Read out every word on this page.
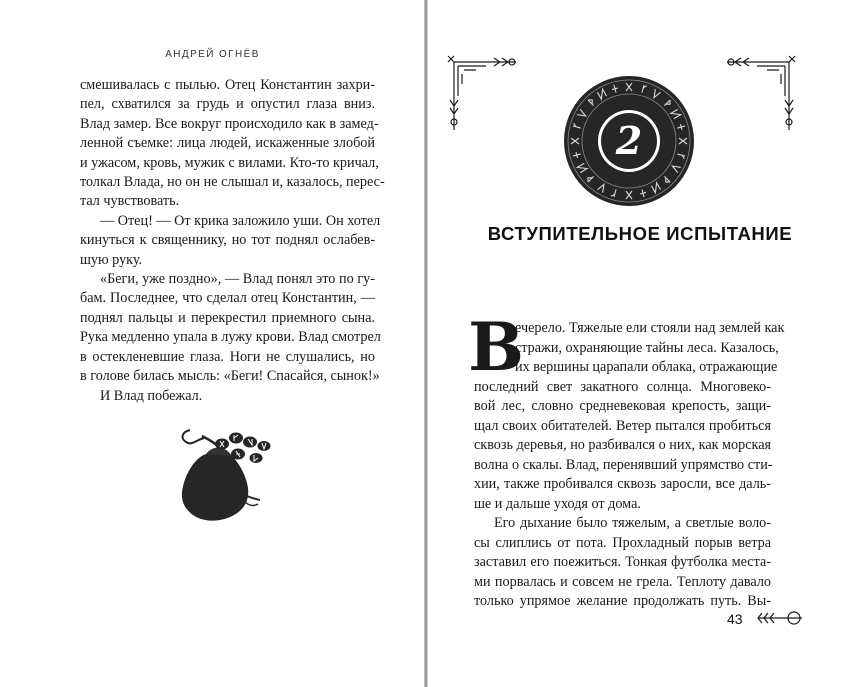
АНДРЕЙ ОГНЁВ
смешивалась с пылью. Отец Константин захри-
пел, схватился за грудь и опустил глаза вниз.
Влад замер. Все вокруг происходило как в замед-
ленной съемке: лица людей, искаженные злобой
и ужасом, кровь, мужик с вилами. Кто-то кричал,
толкал Влада, но он не слышал и, казалось, перес-
тал чувствовать.
— Отец! — От крика заложило уши. Он хотел
кинуться к священнику, но тот поднял ослабев-
шую руку.
«Беги, уже поздно», — Влад понял это по гу-
бам. Последнее, что сделал отец Константин, —
поднял пальцы и перекрестил приемного сына.
Рука медленно упала в лужу крови. Влад смотрел
в остекленевшие глаза. Ноги не слушались, но
в голове билась мысль: «Беги! Спасайся, сынок!»
И Влад побежал.
2
ВСТУПИТЕЛЬНОЕ ИСПЫТАНИЕ
В
ечерело. Тяжелые ели стояли над землей как
стражи, охраняющие тайны леса. Казалось,
их вершины царапали облака, отражающие
последний свет закатного солнца. Многовеко-
вой лес, словно средневековая крепость, защи-
щал своих обитателей. Ветер пытался пробиться
сквозь деревья, но разбивался о них, как морская
волна о скалы. Влад, перенявший упрямство сти-
хии, также пробивался сквозь заросли, все даль-
ше и дальше уходя от дома.
Его дыхание было тяжелым, а светлые воло-
сы слиплись от пота. Прохладный порыв ветра
заставил его поежиться. Тонкая футболка места-
ми порвалась и совсем не грела. Теплоту давало
только упрямое желание продолжать путь. Вы-
43
